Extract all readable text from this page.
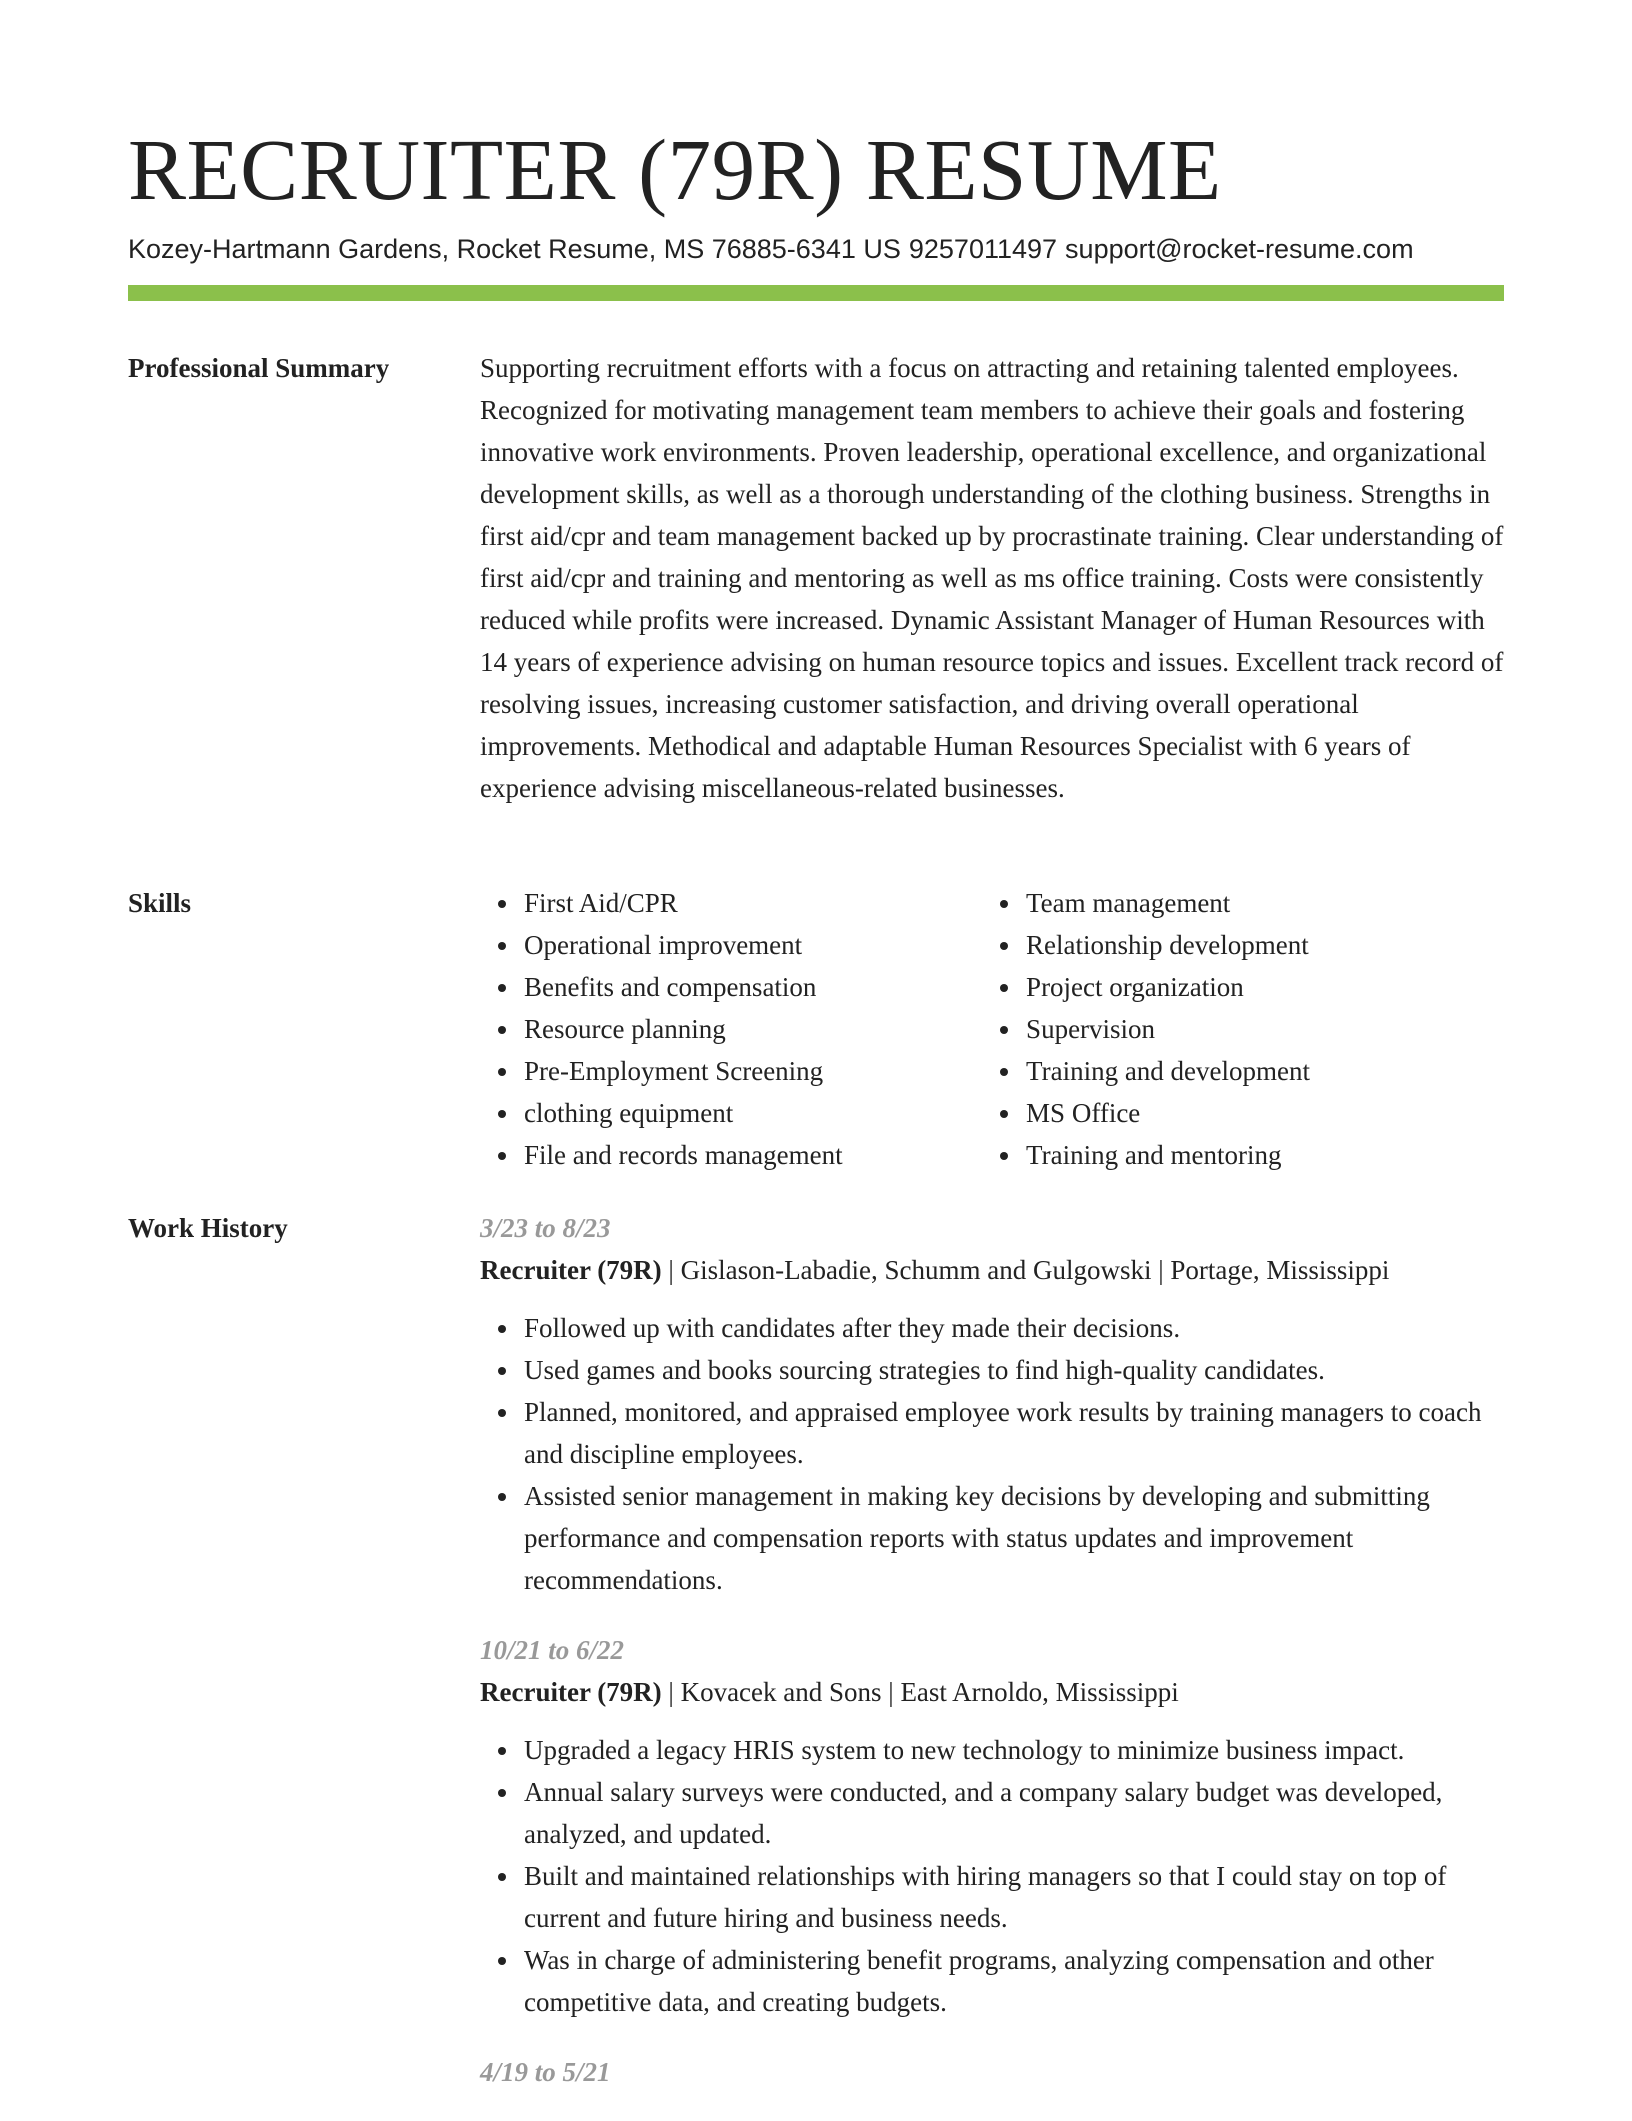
RECRUITER (79R) RESUME
Kozey-Hartmann Gardens, Rocket Resume, MS 76885-6341 US 9257011497 support@rocket-resume.com
Professional Summary	Supporting recruitment efforts with a focus on attracting and retaining talented employees. Recognized for motivating management team members to achieve their goals and fostering innovative work environments. Proven leadership, operational excellence, and organizational development skills, as well as a thorough understanding of the clothing business. Strengths in first aid/cpr and team management backed up by procrastinate training. Clear understanding of first aid/cpr and training and mentoring as well as ms office training. Costs were consistently reduced while profits were increased. Dynamic Assistant Manager of Human Resources with 14 years of experience advising on human resource topics and issues. Excellent track record of resolving issues, increasing customer satisfaction, and driving overall operational improvements. Methodical and adaptable Human Resources Specialist with 6 years of experience advising miscellaneous-related businesses.

Skills	First Aid/CPR
Operational improvement
Benefits and compensation
Resource planning
Pre-Employment Screening
clothing equipment
File and records management
Team management
Relationship development
Project organization
Supervision
Training and development
MS Office
Training and mentoring
Work History	3/23 to 8/23
Recruiter (79R) | Gislason-Labadie, Schumm and Gulgowski | Portage, Mississippi
Followed up with candidates after they made their decisions.
Used games and books sourcing strategies to find high-quality candidates.
Planned, monitored, and appraised employee work results by training managers to coach and discipline employees.
Assisted senior management in making key decisions by developing and submitting performance and compensation reports with status updates and improvement recommendations.
10/21 to 6/22
Recruiter (79R) | Kovacek and Sons | East Arnoldo, Mississippi
Upgraded a legacy HRIS system to new technology to minimize business impact.
Annual salary surveys were conducted, and a company salary budget was developed, analyzed, and updated.
Built and maintained relationships with hiring managers so that I could stay on top of current and future hiring and business needs.
Was in charge of administering benefit programs, analyzing compensation and other competitive data, and creating budgets.
4/19 to 5/21
